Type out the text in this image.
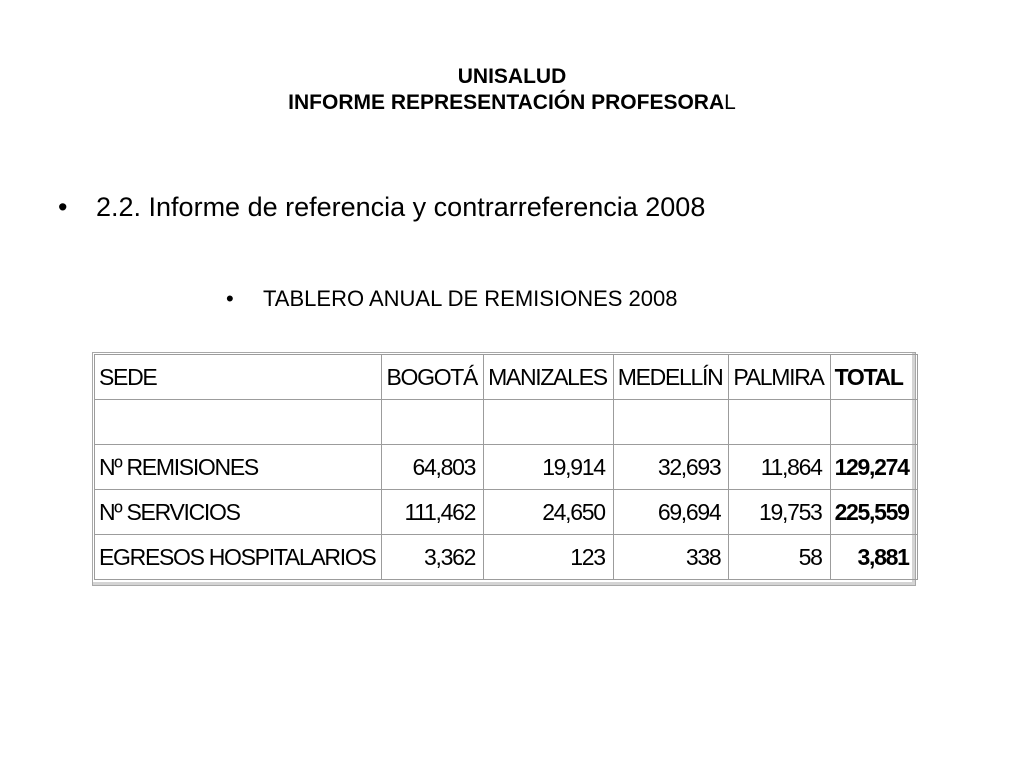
UNISALUD
INFORME REPRESENTACIÓN PROFESORAL
• 2.2. Informe de referencia y contrarreferencia 2008
• TABLERO ANUAL DE REMISIONES 2008
SEDE	BOGOTÁ	MANIZALES	MEDELLÍN	PALMIRA	TOTAL

Nº REMISIONES	64,803	19,914	32,693	11,864	129,274
Nº SERVICIOS	111,462	24,650	69,694	19,753	225,559
EGRESOS HOSPITALARIOS	3,362	123	338	58	3,881
